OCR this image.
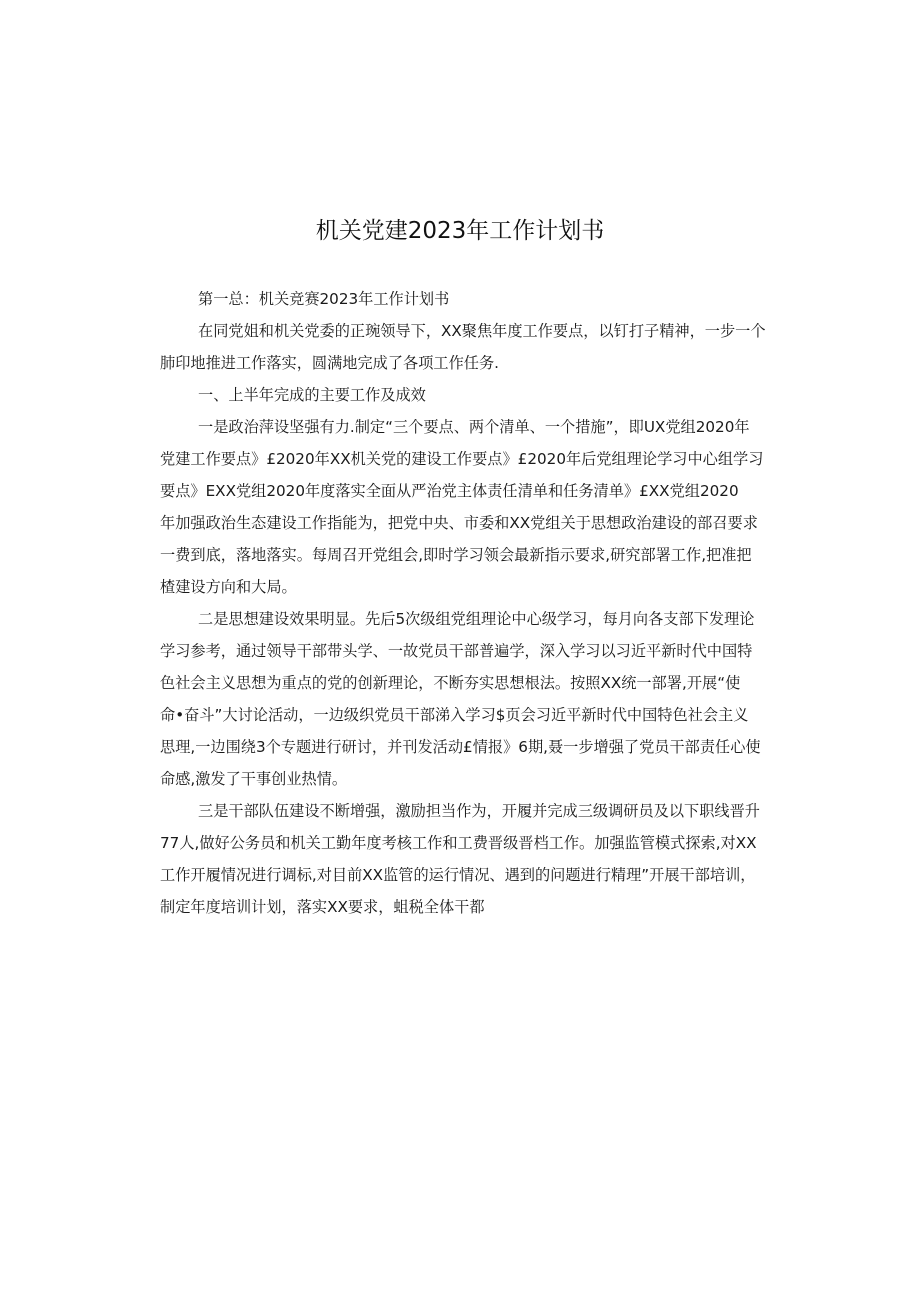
机关党建2023年工作计划书
第一总：机关竞赛2023年工作计划书
在同党姐和机关党委的正琬领导下，XX聚焦年度工作要点，以钉打子精神，一步一个
肺印地推进工作落实，圆满地完成了各项工作任务.
一、上半年完成的主要工作及成效
一是政治萍设坚强有力.制定“三个要点、两个清单、一个措施”，即UX党组2020年
党建工作要点》£2020年XX机关党的建设工作要点》£2020年后党组理论学习中心组学习
要点》EXX党组2020年度落实全面从严治党主体责任清单和任务清单》£XX党组2020
年加强政治生态建设工作指能为，把党中央、市委和XX党组关于思想政治建设的部召要求
一费到底，落地落实。每周召开党组会,即时学习领会最新指示要求,研究部署工作,把准把
楂建设方向和大局。
二是思想建设效果明显。先后5次级组党组理论中心级学习，每月向各支部下发理论
学习参考，通过领导干部带头学、一故党员干部普遍学，深入学习以习近平新时代中国特
色社会主义思想为重点的党的创新理论，不断夯实思想根法。按照XX统一部署,开展“使
命•奋斗”大讨论活动，一边级织党员干部涕入学习$页会习近平新时代中国特色社会主义
思理,一边围绕3个专题进行研讨，并刊发活动£情报》6期,聂一步增强了党员干部责任心使
命感,激发了干事创业热情。
三是干部队伍建设不断增强，激励担当作为，开履并完成三级调研员及以下职线晋升
77人,做好公务员和机关工勤年度考核工作和工费晋级晋档工作。加强监管模式探索,对XX
工作开履情况进行调标,对目前XX监管的运行情况、遇到的问题进行精理”开展干部培训，
制定年度培训计划，落实XX要求，蛆税全体干都
